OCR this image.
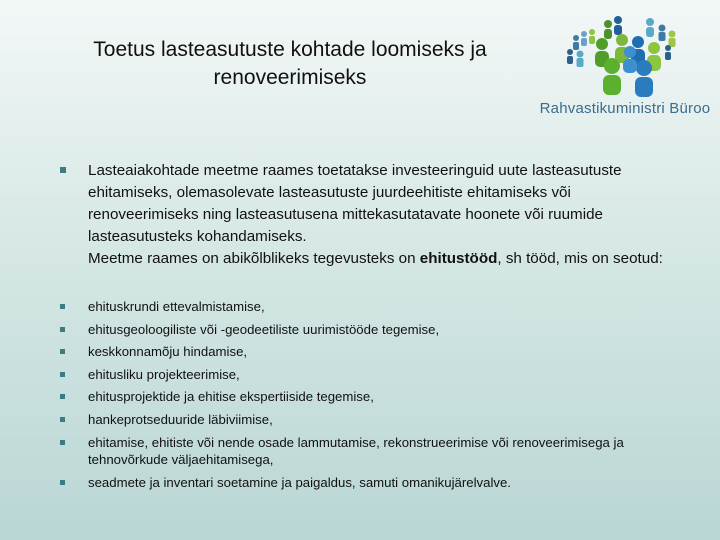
Toetus lasteasutuste kohtade loomiseks ja
renoveerimiseks
Rahvastikuministri Büroo

Lasteaiakohtade meetme raames toetatakse investeeringuid uute lasteasutuste ehitamiseks, olemasolevate lasteasutuste juurdeehitiste ehitamiseks või renoveerimiseks ning lasteasutusena mittekasutatavate hoonete või ruumide lasteasutusteks kohandamiseks.

Meetme raames on abikõlblikeks tegevusteks on ehitustööd, sh tööd, mis on seotud:

ehituskrundi ettevalmistamise,
ehitusgeoloogiliste või -geodeetiliste uurimistööde tegemise,
keskkonnamõju hindamise,
ehitusliku projekteerimise,
ehitusprojektide ja ehitise ekspertiiside tegemise,
hankeprotseduuride läbiviimise,
ehitamise, ehitiste või nende osade lammutamise, rekonstrueerimise või renoveerimisega ja tehnovõrkude väljaehitamisega,
seadmete ja inventari soetamine ja paigaldus, samuti omanikujärelvalve.
